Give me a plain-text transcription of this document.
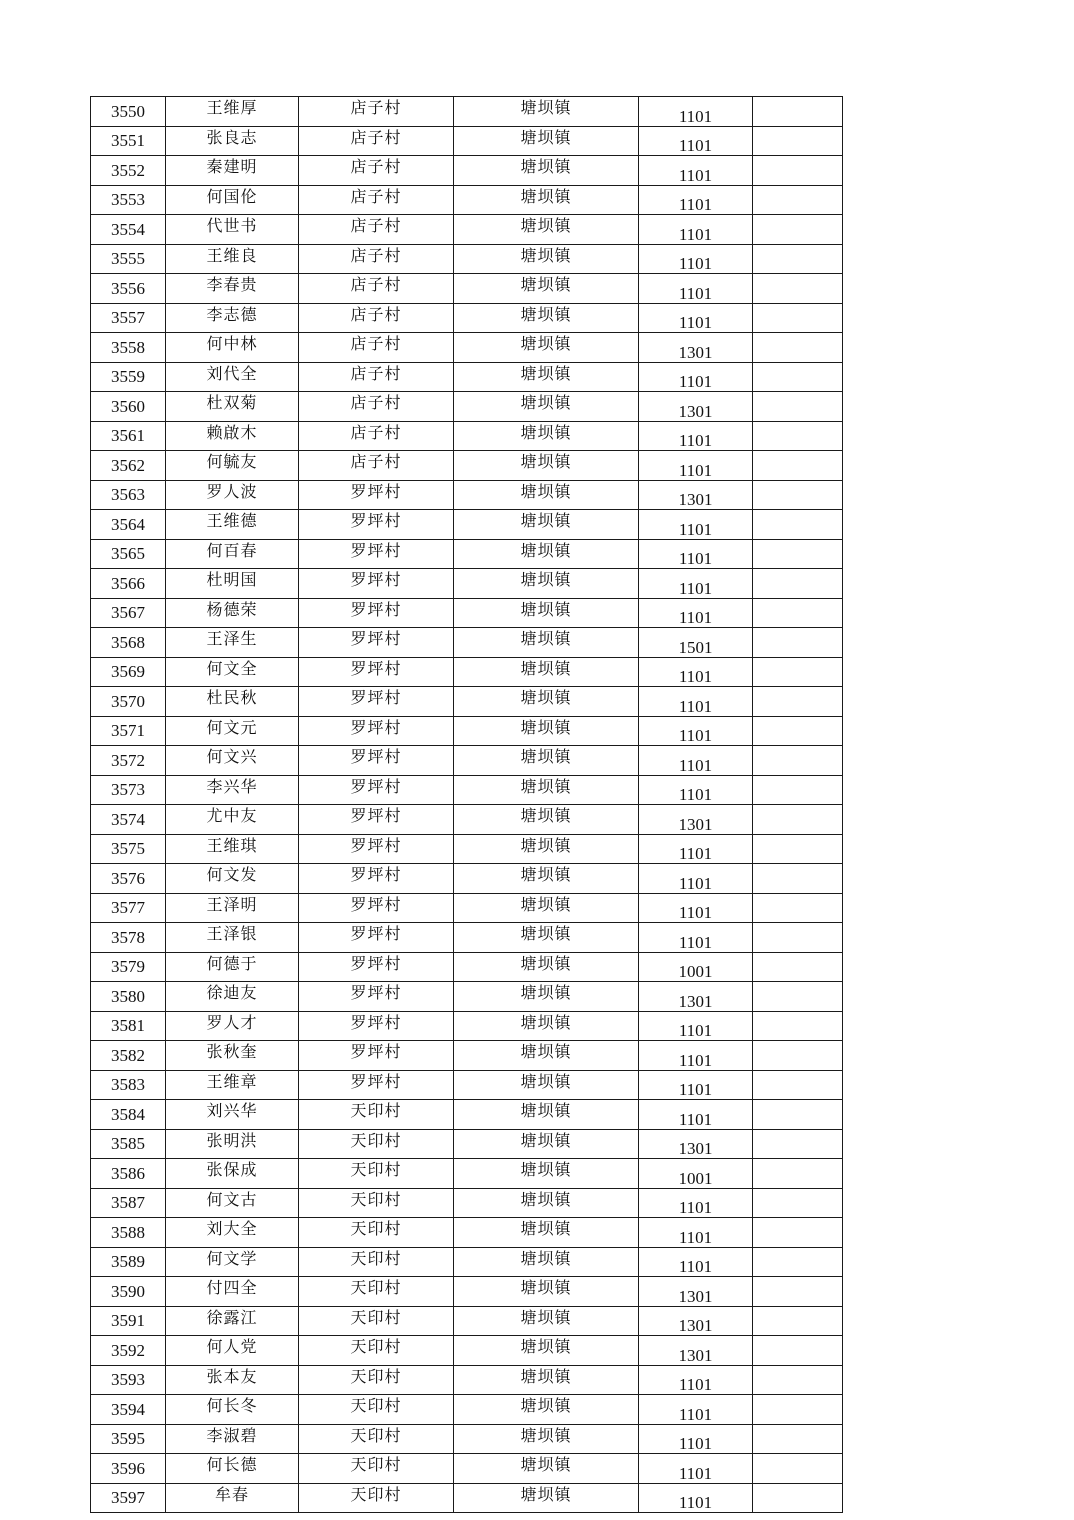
3550	王维厚	店子村	塘坝镇	1101	
3551	张良志	店子村	塘坝镇	1101	
3552	秦建明	店子村	塘坝镇	1101	
3553	何国伦	店子村	塘坝镇	1101	
3554	代世书	店子村	塘坝镇	1101	
3555	王维良	店子村	塘坝镇	1101	
3556	李春贵	店子村	塘坝镇	1101	
3557	李志德	店子村	塘坝镇	1101	
3558	何中林	店子村	塘坝镇	1301	
3559	刘代全	店子村	塘坝镇	1101	
3560	杜双菊	店子村	塘坝镇	1301	
3561	赖啟木	店子村	塘坝镇	1101	
3562	何毓友	店子村	塘坝镇	1101	
3563	罗人波	罗坪村	塘坝镇	1301	
3564	王维德	罗坪村	塘坝镇	1101	
3565	何百春	罗坪村	塘坝镇	1101	
3566	杜明国	罗坪村	塘坝镇	1101	
3567	杨德荣	罗坪村	塘坝镇	1101	
3568	王泽生	罗坪村	塘坝镇	1501	
3569	何文全	罗坪村	塘坝镇	1101	
3570	杜民秋	罗坪村	塘坝镇	1101	
3571	何文元	罗坪村	塘坝镇	1101	
3572	何文兴	罗坪村	塘坝镇	1101	
3573	李兴华	罗坪村	塘坝镇	1101	
3574	尤中友	罗坪村	塘坝镇	1301	
3575	王维琪	罗坪村	塘坝镇	1101	
3576	何文发	罗坪村	塘坝镇	1101	
3577	王泽明	罗坪村	塘坝镇	1101	
3578	王泽银	罗坪村	塘坝镇	1101	
3579	何德于	罗坪村	塘坝镇	1001	
3580	徐迪友	罗坪村	塘坝镇	1301	
3581	罗人才	罗坪村	塘坝镇	1101	
3582	张秋奎	罗坪村	塘坝镇	1101	
3583	王维章	罗坪村	塘坝镇	1101	
3584	刘兴华	天印村	塘坝镇	1101	
3585	张明洪	天印村	塘坝镇	1301	
3586	张保成	天印村	塘坝镇	1001	
3587	何文古	天印村	塘坝镇	1101	
3588	刘大全	天印村	塘坝镇	1101	
3589	何文学	天印村	塘坝镇	1101	
3590	付四全	天印村	塘坝镇	1301	
3591	徐露江	天印村	塘坝镇	1301	
3592	何人党	天印村	塘坝镇	1301	
3593	张本友	天印村	塘坝镇	1101	
3594	何长冬	天印村	塘坝镇	1101	
3595	李淑碧	天印村	塘坝镇	1101	
3596	何长德	天印村	塘坝镇	1101	
3597	牟春	天印村	塘坝镇	1101	
